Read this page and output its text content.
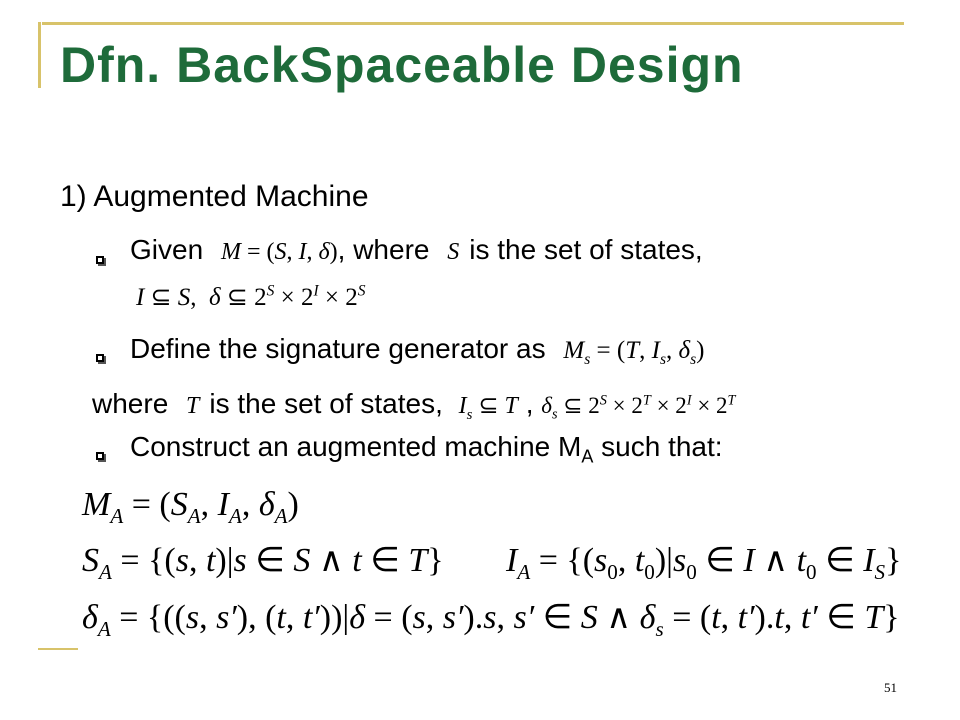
Dfn. BackSpaceable Design
1) Augmented Machine
Given M = (S, I, δ), where S is the set of states,
I ⊆ S,  δ ⊆ $2^S \times 2^I \times 2^S$
Define the signature generator as $M_s = (T$, $I_s$, $\delta_s$)
where T is the set of states, $I_s$ ⊆ T , $\delta_s$ ⊆ $2^S \times 2^T \times 2^I \times 2^T$
Construct an augmented machine $M_A$ such that:
$M_A = (S_A$, $I_A$, $\delta_A$)
$S_A = \{(s$, t)|s ∈ S ∧ t ∈ T} $I_A = \{(s_0$, $t_0)|s_0$ ∈ I ∧ $t_0$ ∈ $I_S$}
$\delta_A = \{((s$, s′), (t, t′))|δ = (s, s′).s, s′ ∈ S ∧ $\delta_s = (t$, t′).t, t′ ∈ T}
51
